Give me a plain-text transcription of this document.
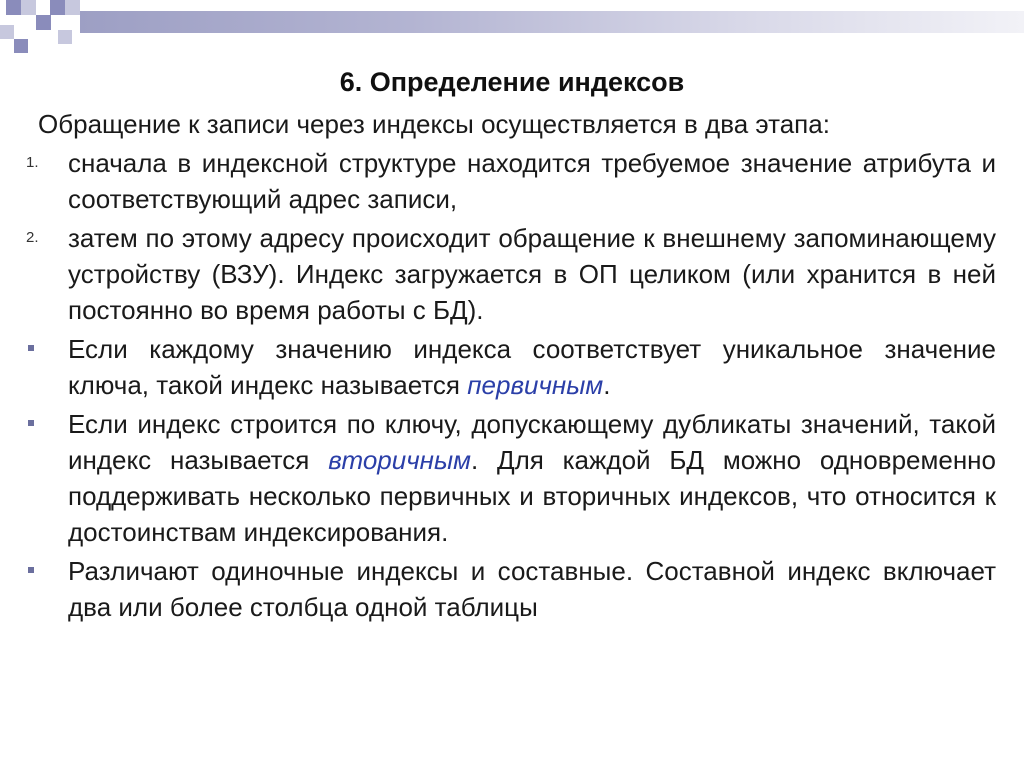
6. Определение индексов
Обращение к записи через индексы осуществляется в два этапа:
1. сначала в индексной структуре находится требуемое значение атрибута и соответствующий адрес записи,
2. затем по этому адресу происходит обращение к внешнему запоминающему устройству (ВЗУ). Индекс загружается в ОП целиком (или хранится в ней постоянно во время работы с БД).
Если каждому значению индекса соответствует уникальное значение ключа, такой индекс называется первичным.
Если индекс строится по ключу, допускающему дубликаты значений, такой индекс называется вторичным. Для каждой БД можно одновременно поддерживать несколько первичных и вторичных индексов, что относится к достоинствам индексирования.
Различают одиночные индексы и составные. Составной индекс включает два или более столбца одной таблицы
